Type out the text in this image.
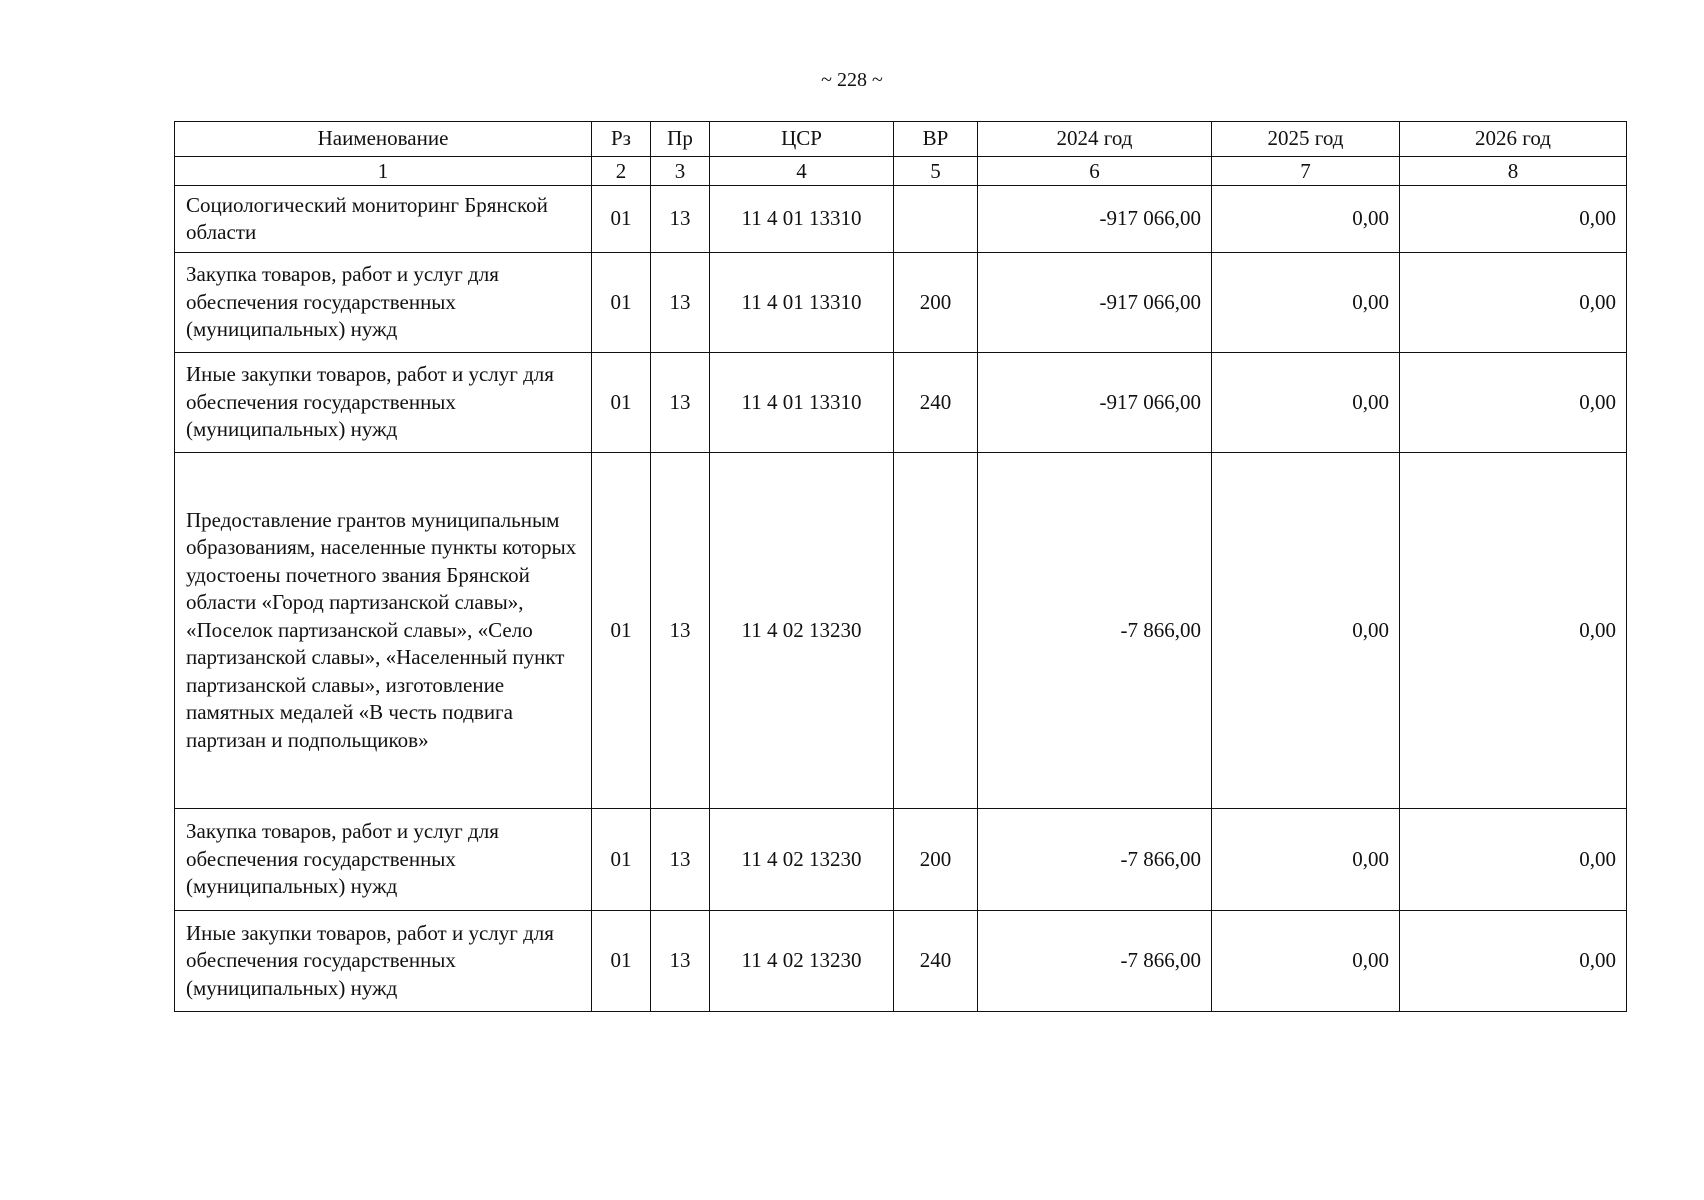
~ 228 ~
Наименование	Рз	Пр	ЦСР	ВР	2024 год	2025 год	2026 год
1	2	3	4	5	6	7	8
Социологический мониторинг Брянской области	01	13	11 4 01 13310		-917 066,00	0,00	0,00
Закупка товаров, работ и услуг для обеспечения государственных (муниципальных) нужд	01	13	11 4 01 13310	200	-917 066,00	0,00	0,00
Иные закупки товаров, работ и услуг для обеспечения государственных (муниципальных) нужд	01	13	11 4 01 13310	240	-917 066,00	0,00	0,00
Предоставление грантов муниципальным образованиям, населенные пункты которых удостоены почетного звания Брянской области «Город партизанской славы», «Поселок партизанской славы», «Село партизанской славы», «Населенный пункт партизанской славы», изготовление памятных медалей «В честь подвига партизан и подпольщиков»	01	13	11 4 02 13230		-7 866,00	0,00	0,00
Закупка товаров, работ и услуг для обеспечения государственных (муниципальных) нужд	01	13	11 4 02 13230	200	-7 866,00	0,00	0,00
Иные закупки товаров, работ и услуг для обеспечения государственных (муниципальных) нужд	01	13	11 4 02 13230	240	-7 866,00	0,00	0,00
